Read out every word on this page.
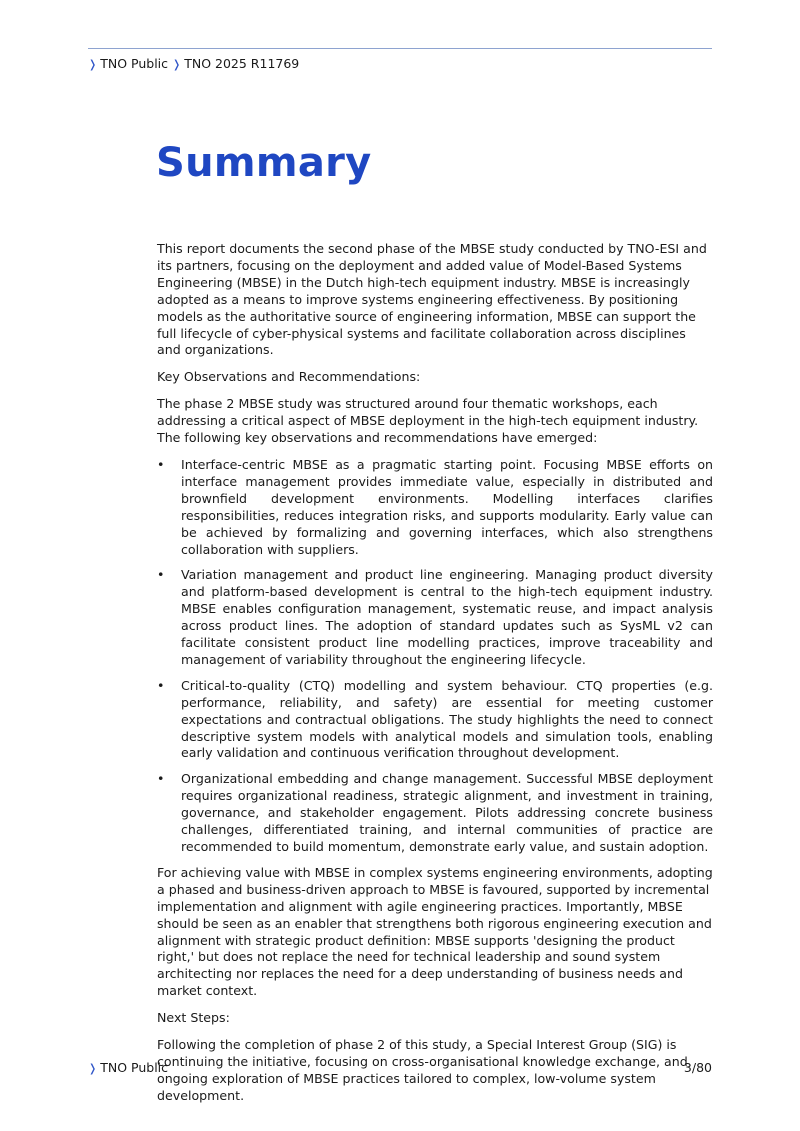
❭ TNO Public ❭ TNO 2025 R11769
Summary

This report documents the second phase of the MBSE study conducted by TNO-ESI and its partners, focusing on the deployment and added value of Model-Based Systems Engineering (MBSE) in the Dutch high-tech equipment industry. MBSE is increasingly adopted as a means to improve systems engineering effectiveness. By positioning models as the authoritative source of engineering information, MBSE can support the full lifecycle of cyber-physical systems and facilitate collaboration across disciplines and organizations.

Key Observations and Recommendations:

The phase 2 MBSE study was structured around four thematic workshops, each addressing a critical aspect of MBSE deployment in the high-tech equipment industry. The following key observations and recommendations have emerged:

• Interface-centric MBSE as a pragmatic starting point. Focusing MBSE efforts on interface management provides immediate value, especially in distributed and brownfield development environments. Modelling interfaces clarifies responsibilities, reduces integration risks, and supports modularity. Early value can be achieved by formalizing and governing interfaces, which also strengthens collaboration with suppliers.
• Variation management and product line engineering. Managing product diversity and platform-based development is central to the high-tech equipment industry. MBSE enables configuration management, systematic reuse, and impact analysis across product lines. The adoption of standard updates such as SysML v2 can facilitate consistent product line modelling practices, improve traceability and management of variability throughout the engineering lifecycle.
• Critical-to-quality (CTQ) modelling and system behaviour. CTQ properties (e.g. performance, reliability, and safety) are essential for meeting customer expectations and contractual obligations. The study highlights the need to connect descriptive system models with analytical models and simulation tools, enabling early validation and continuous verification throughout development.
• Organizational embedding and change management. Successful MBSE deployment requires organizational readiness, strategic alignment, and investment in training, governance, and stakeholder engagement. Pilots addressing concrete business challenges, differentiated training, and internal communities of practice are recommended to build momentum, demonstrate early value, and sustain adoption.

For achieving value with MBSE in complex systems engineering environments, adopting a phased and business-driven approach to MBSE is favoured, supported by incremental implementation and alignment with agile engineering practices. Importantly, MBSE should be seen as an enabler that strengthens both rigorous engineering execution and alignment with strategic product definition: MBSE supports 'designing the product right,' but does not replace the need for technical leadership and sound system architecting nor replaces the need for a deep understanding of business needs and market context.

Next Steps:

Following the completion of phase 2 of this study, a Special Interest Group (SIG) is continuing the initiative, focusing on cross-organisational knowledge exchange, and ongoing exploration of MBSE practices tailored to complex, low-volume system development.

❭ TNO Public	3/80
